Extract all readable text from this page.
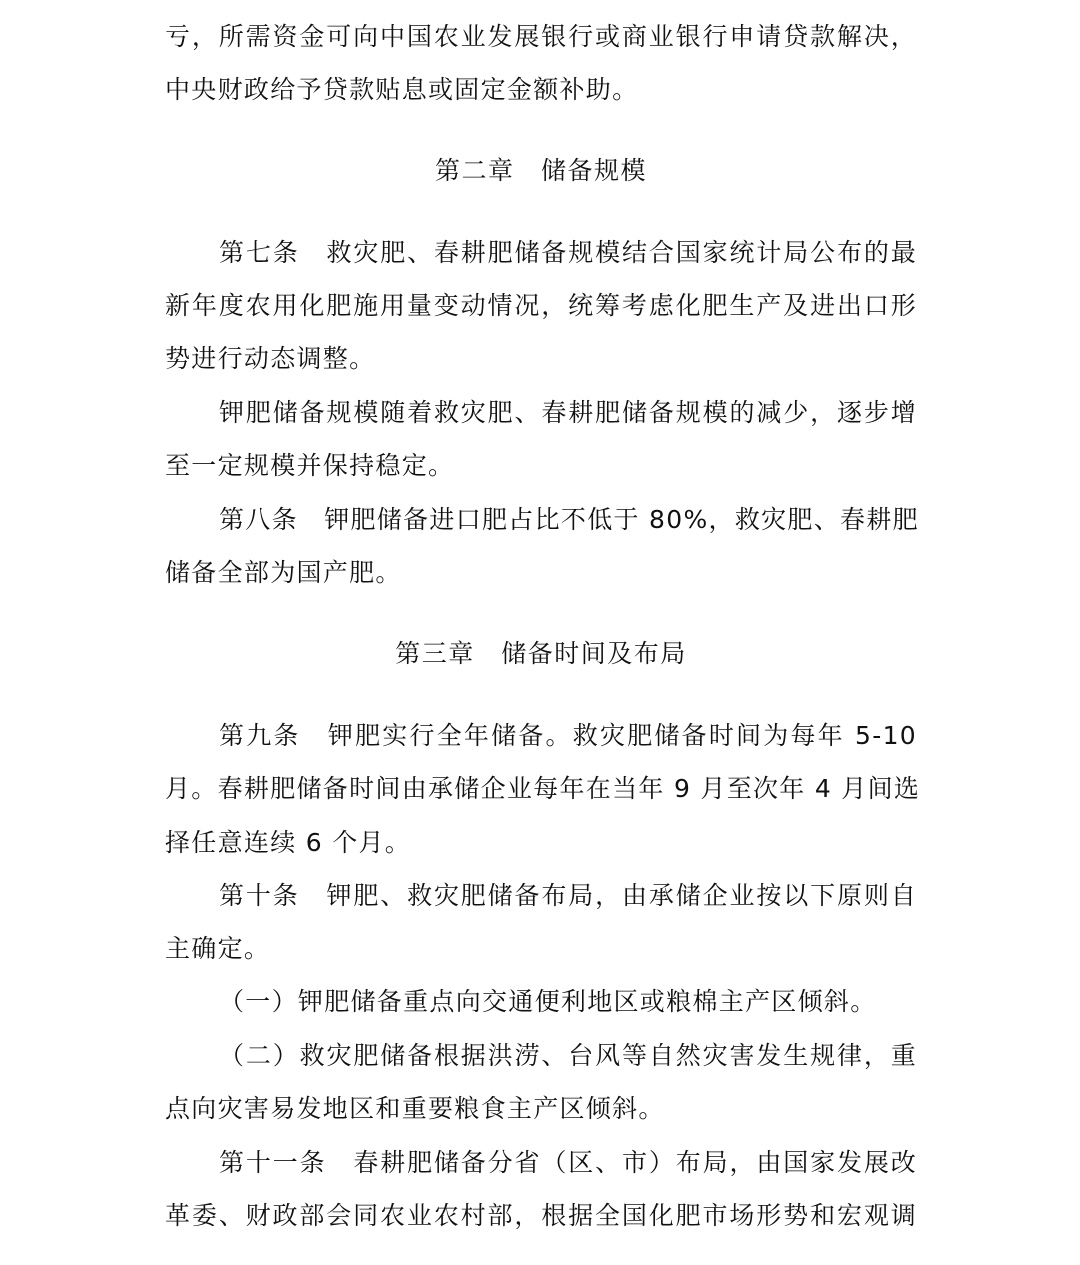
亏，所需资金可向中国农业发展银行或商业银行申请贷款解决，
中央财政给予贷款贴息或固定金额补助。
第二章　储备规模
第七条　救灾肥、春耕肥储备规模结合国家统计局公布的最
新年度农用化肥施用量变动情况，统筹考虑化肥生产及进出口形
势进行动态调整。
钾肥储备规模随着救灾肥、春耕肥储备规模的减少，逐步增
至一定规模并保持稳定。
第八条　钾肥储备进口肥占比不低于 80%，救灾肥、春耕肥
储备全部为国产肥。
第三章　储备时间及布局
第九条　钾肥实行全年储备。救灾肥储备时间为每年 5-10
月。春耕肥储备时间由承储企业每年在当年 9 月至次年 4 月间选
择任意连续 6 个月。
第十条　钾肥、救灾肥储备布局，由承储企业按以下原则自
主确定。
（一）钾肥储备重点向交通便利地区或粮棉主产区倾斜。
（二）救灾肥储备根据洪涝、台风等自然灾害发生规律，重
点向灾害易发地区和重要粮食主产区倾斜。
第十一条　春耕肥储备分省（区、市）布局，由国家发展改
革委、财政部会同农业农村部，根据全国化肥市场形势和宏观调
